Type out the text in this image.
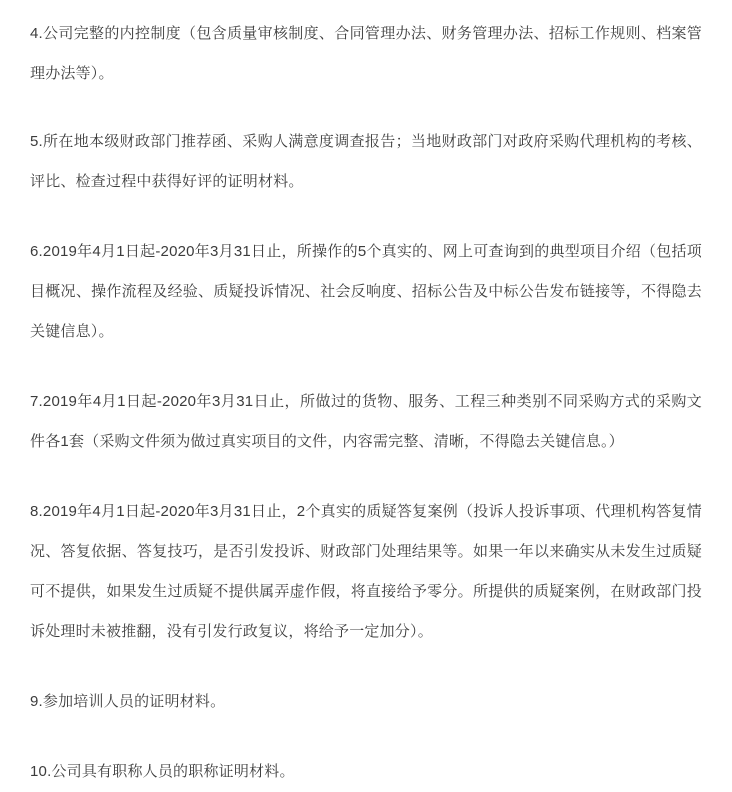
4.公司完整的内控制度（包含质量审核制度、合同管理办法、财务管理办法、招标工作规则、档案管理办法等）。

5.所在地本级财政部门推荐函、采购人满意度调查报告；当地财政部门对政府采购代理机构的考核、评比、检查过程中获得好评的证明材料。

6.2019年4月1日起-2020年3月31日止，所操作的5个真实的、网上可查询到的典型项目介绍（包括项目概况、操作流程及经验、质疑投诉情况、社会反响度、招标公告及中标公告发布链接等，不得隐去关键信息）。

7.2019年4月1日起-2020年3月31日止，所做过的货物、服务、工程三种类别不同采购方式的采购文件各1套（采购文件须为做过真实项目的文件，内容需完整、清晰，不得隐去关键信息。）

8.2019年4月1日起-2020年3月31日止，2个真实的质疑答复案例（投诉人投诉事项、代理机构答复情况、答复依据、答复技巧，是否引发投诉、财政部门处理结果等。如果一年以来确实从未发生过质疑可不提供，如果发生过质疑不提供属弄虚作假，将直接给予零分。所提供的质疑案例，在财政部门投诉处理时未被推翻，没有引发行政复议，将给予一定加分）。

9.参加培训人员的证明材料。

10.公司具有职称人员的职称证明材料。
